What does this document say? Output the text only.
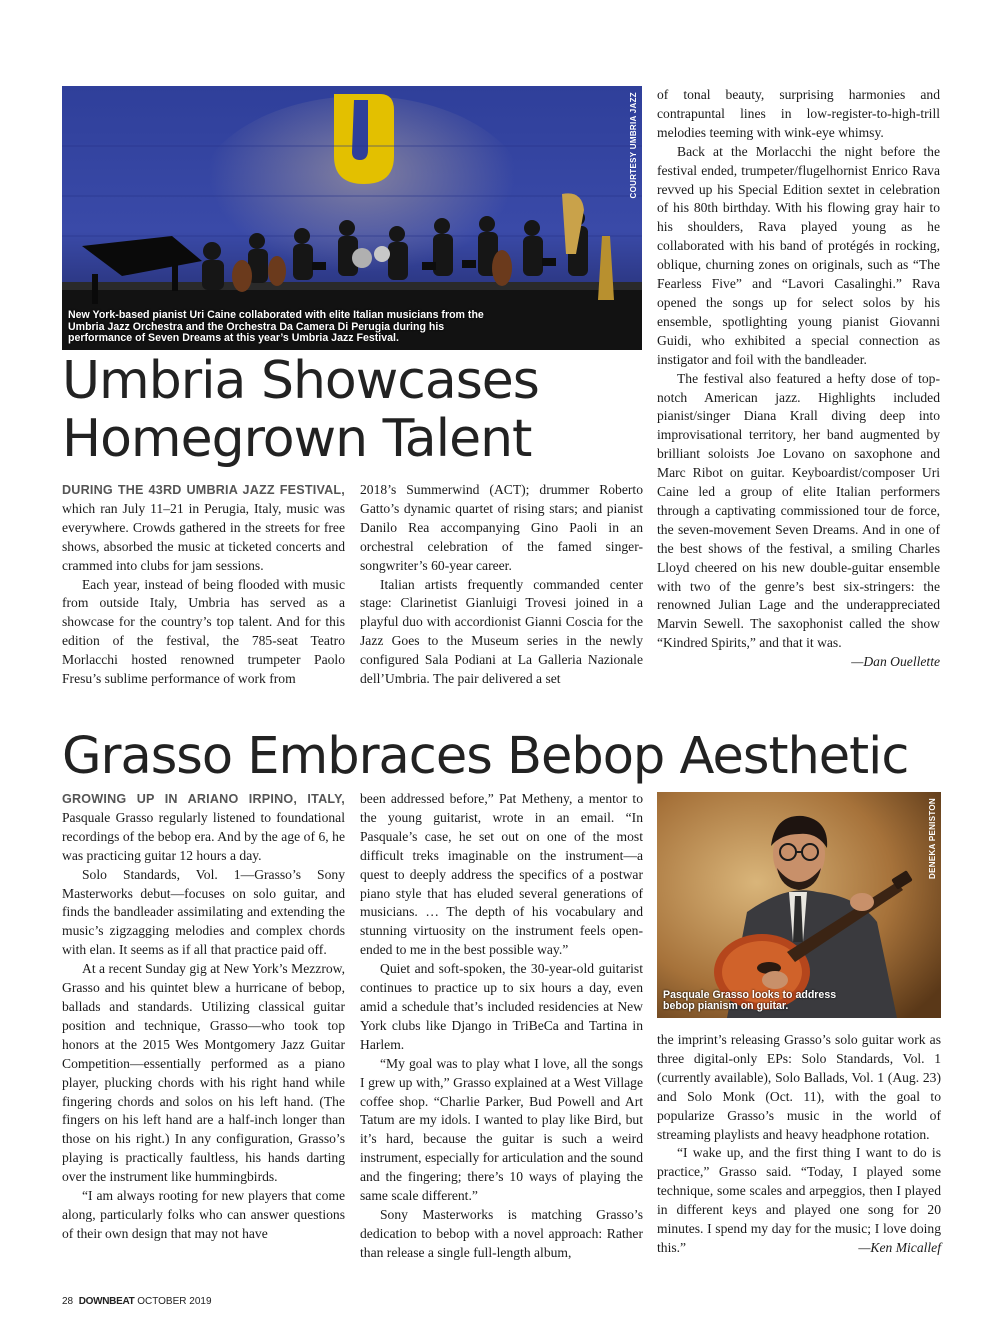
COURTESY UMBRIA JAZZ
New York-based pianist Uri Caine collaborated with elite Italian musicians from the Umbria Jazz Orchestra and the Orchestra Da Camera Di Perugia during his performance of Seven Dreams at this year’s Umbria Jazz Festival.
Umbria Showcases
Homegrown Talent

DURING THE 43RD UMBRIA JAZZ FESTIVAL, which ran July 11–21 in Perugia, Italy, music was everywhere. Crowds gathered in the streets for free shows, absorbed the music at ticketed concerts and crammed into clubs for jam sessions.

Each year, instead of being flooded with music from outside Italy, Umbria has served as a showcase for the country’s top talent. And for this edition of the festival, the 785-seat Teatro Morlacchi hosted renowned trumpeter Paolo Fresu’s sublime performance of work from

2018’s Summerwind (ACT); drummer Roberto Gatto’s dynamic quartet of rising stars; and pianist Danilo Rea accompanying Gino Paoli in an orchestral celebration of the famed singer-songwriter’s 60-year career.

Italian artists frequently commanded center stage: Clarinetist Gianluigi Trovesi joined in a playful duo with accordionist Gianni Coscia for the Jazz Goes to the Museum series in the newly configured Sala Podiani at La Galleria Nazionale dell’Umbria. The pair delivered a set

of tonal beauty, surprising harmonies and contrapuntal lines in low-register-to-high-trill melodies teeming with wink-eye whimsy.

Back at the Morlacchi the night before the festival ended, trumpeter/flugelhornist Enrico Rava revved up his Special Edition sextet in celebration of his 80th birthday. With his flowing gray hair to his shoulders, Rava played young as he collaborated with his band of protégés in rocking, oblique, churning zones on originals, such as “The Fearless Five” and “Lavori Casalinghi.” Rava opened the songs up for select solos by his ensemble, spotlighting young pianist Giovanni Guidi, who exhibited a special connection as instigator and foil with the bandleader.

The festival also featured a hefty dose of top-notch American jazz. Highlights included pianist/singer Diana Krall diving deep into improvisational territory, her band augmented by brilliant soloists Joe Lovano on saxophone and Marc Ribot on guitar. Keyboardist/composer Uri Caine led a group of elite Italian performers through a captivating commissioned tour de force, the seven-movement Seven Dreams. And in one of the best shows of the festival, a smiling Charles Lloyd cheered on his new double-guitar ensemble with two of the genre’s best six-stringers: the renowned Julian Lage and the underappreciated Marvin Sewell. The saxophonist called the show “Kindred Spirits,” and that it was.
—Dan Ouellette

Grasso Embraces Bebop Aesthetic

GROWING UP IN ARIANO IRPINO, ITALY, Pasquale Grasso regularly listened to foundational recordings of the bebop era. And by the age of 6, he was practicing guitar 12 hours a day.

Solo Standards, Vol. 1—Grasso’s Sony Masterworks debut—focuses on solo guitar, and finds the bandleader assimilating and extending the music’s zigzagging melodies and complex chords with elan. It seems as if all that practice paid off.

At a recent Sunday gig at New York’s Mezzrow, Grasso and his quintet blew a hurricane of bebop, ballads and standards. Utilizing classical guitar position and technique, Grasso—who took top honors at the 2015 Wes Montgomery Jazz Guitar Competition—essentially performed as a piano player, plucking chords with his right hand while fingering chords and solos on his left hand. (The fingers on his left hand are a half-inch longer than those on his right.) In any configuration, Grasso’s playing is practically faultless, his hands darting over the instrument like hummingbirds.

“I am always rooting for new players that come along, particularly folks who can answer questions of their own design that may not have

been addressed before,” Pat Metheny, a mentor to the young guitarist, wrote in an email. “In Pasquale’s case, he set out on one of the most difficult treks imaginable on the instrument—a quest to deeply address the specifics of a postwar piano style that has eluded several generations of musicians. … The depth of his vocabulary and stunning virtuosity on the instrument feels open-ended to me in the best possible way.”

Quiet and soft-spoken, the 30-year-old guitarist continues to practice up to six hours a day, even amid a schedule that’s included residencies at New York clubs like Django in TriBeCa and Tartina in Harlem.

“My goal was to play what I love, all the songs I grew up with,” Grasso explained at a West Village coffee shop. “Charlie Parker, Bud Powell and Art Tatum are my idols. I wanted to play like Bird, but it’s hard, because the guitar is such a weird instrument, especially for articulation and the sound and the fingering; there’s 10 ways of playing the same scale different.”

Sony Masterworks is matching Grasso’s dedication to bebop with a novel approach: Rather than release a single full-length album,

DENEKA PENISTON
Pasquale Grasso looks to address bebop pianism on guitar.

the imprint’s releasing Grasso’s solo guitar work as three digital-only EPs: Solo Standards, Vol. 1 (currently available), Solo Ballads, Vol. 1 (Aug. 23) and Solo Monk (Oct. 11), with the goal to popularize Grasso’s music in the world of streaming playlists and heavy headphone rotation.

“I wake up, and the first thing I want to do is practice,” Grasso said. “Today, I played some technique, some scales and arpeggios, then I played in different keys and played one song for 20 minutes. I spend my day for the music; I love doing this.”	—Ken Micallef

28 DOWNBEAT OCTOBER 2019
